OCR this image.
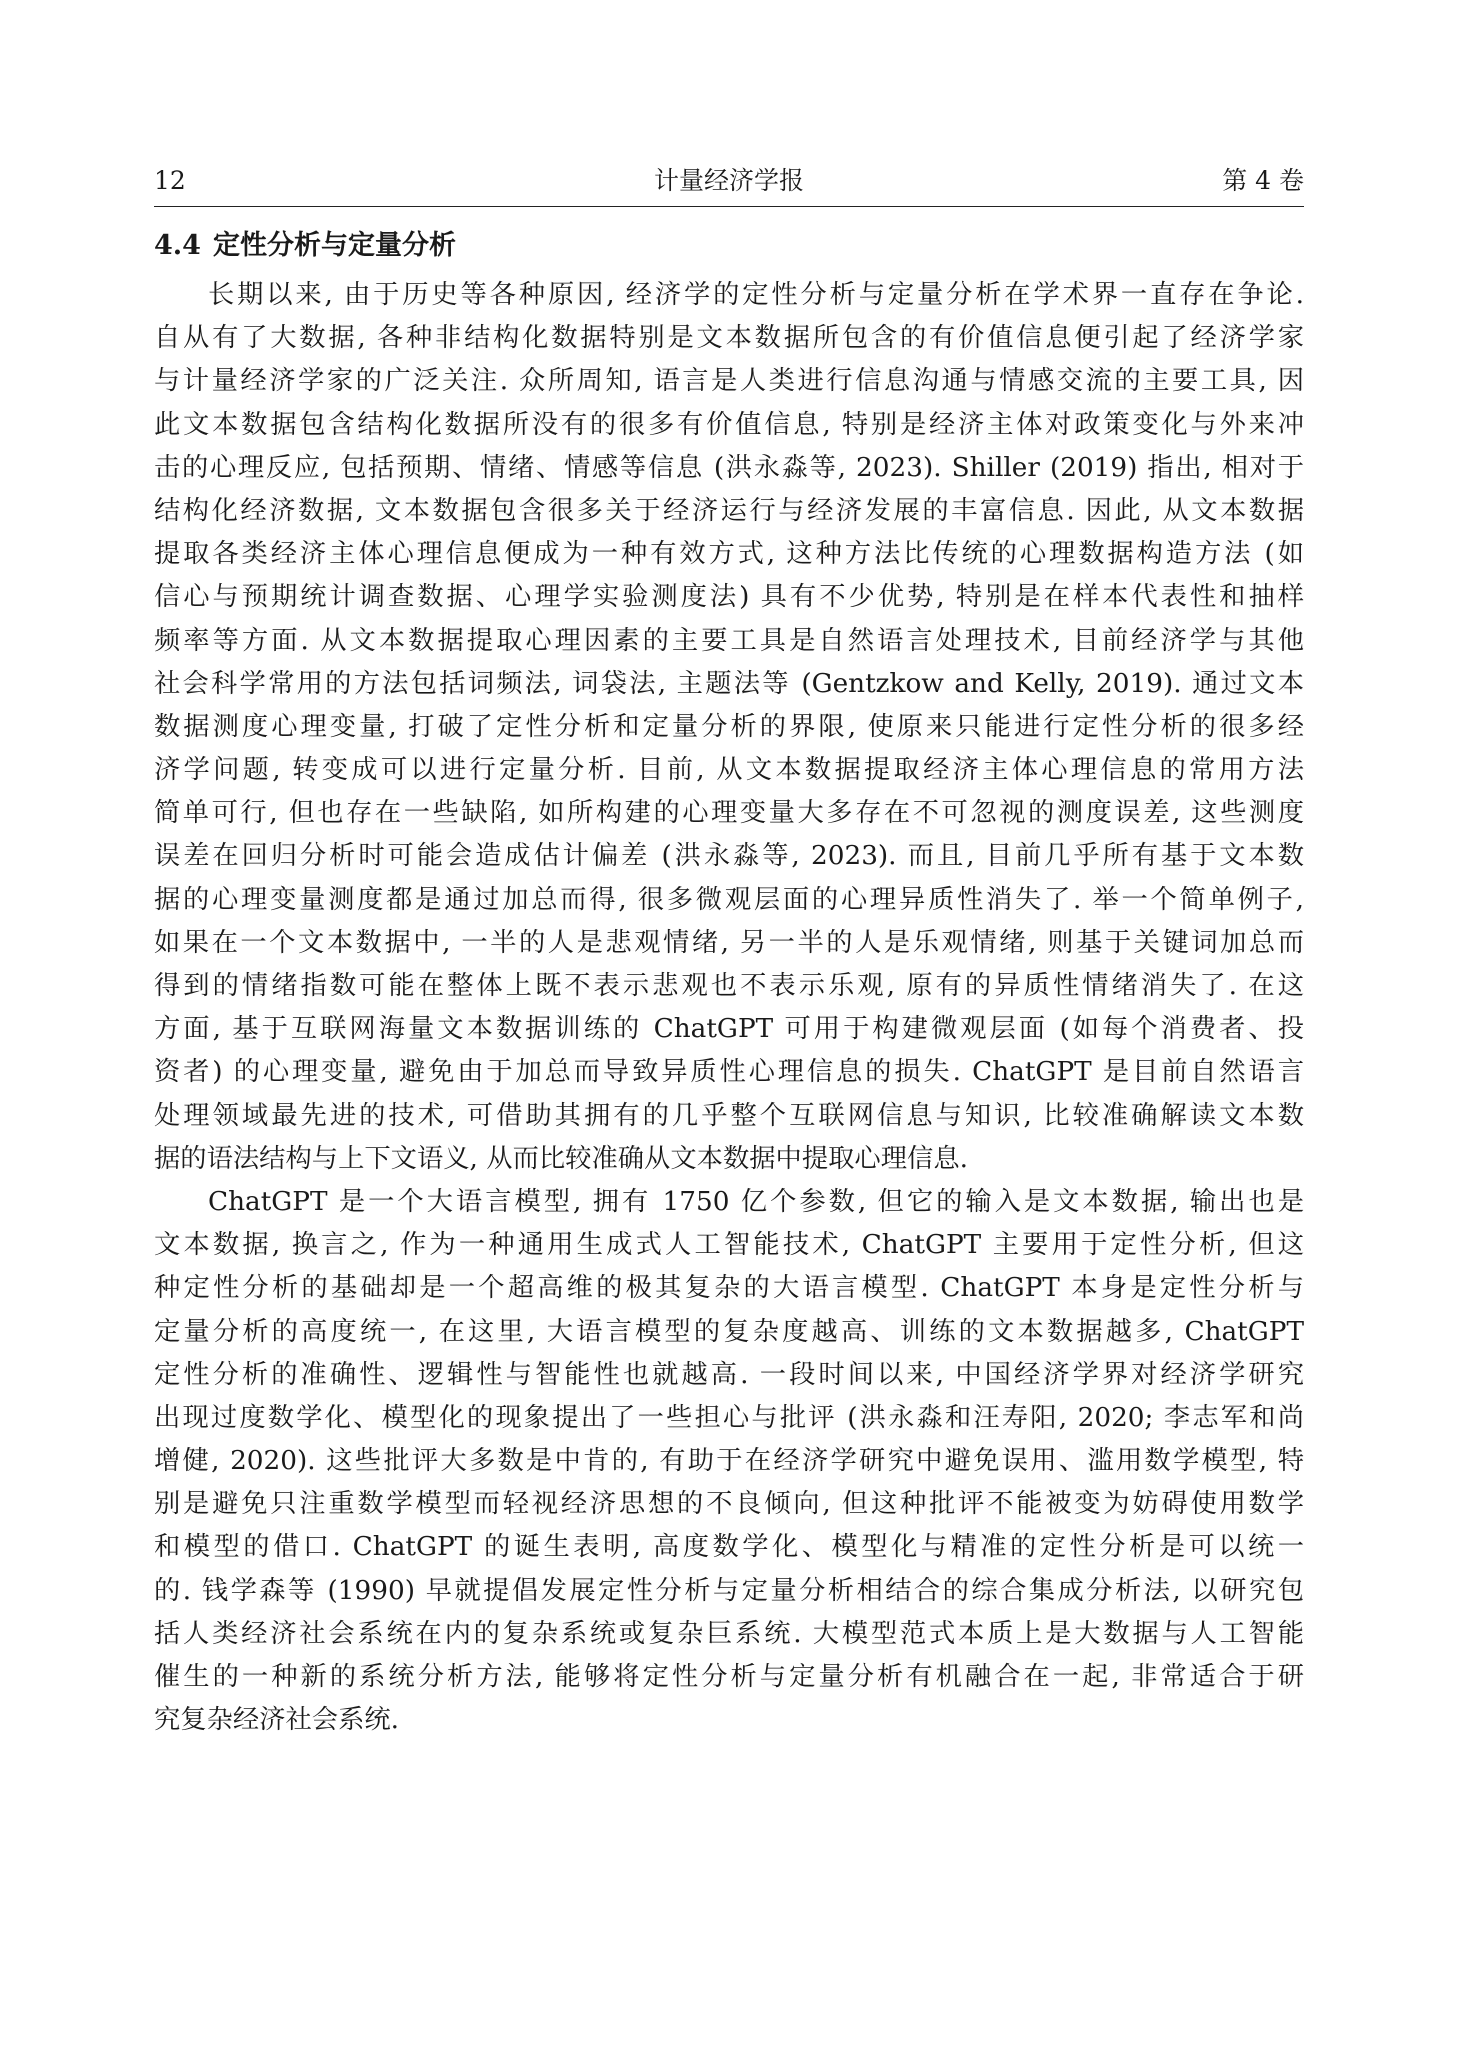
12	计量经济学报	第 4 卷
4.4 定性分析与定量分析
长期以来, 由于历史等各种原因, 经济学的定性分析与定量分析在学术界一直存在争论.
自从有了大数据, 各种非结构化数据特别是文本数据所包含的有价值信息便引起了经济学家
与计量经济学家的广泛关注. 众所周知, 语言是人类进行信息沟通与情感交流的主要工具, 因
此文本数据包含结构化数据所没有的很多有价值信息, 特别是经济主体对政策变化与外来冲
击的心理反应, 包括预期、情绪、情感等信息 (洪永淼等, 2023). Shiller (2019) 指出, 相对于
结构化经济数据, 文本数据包含很多关于经济运行与经济发展的丰富信息. 因此, 从文本数据
提取各类经济主体心理信息便成为一种有效方式, 这种方法比传统的心理数据构造方法 (如
信心与预期统计调查数据、心理学实验测度法) 具有不少优势, 特别是在样本代表性和抽样
频率等方面. 从文本数据提取心理因素的主要工具是自然语言处理技术, 目前经济学与其他
社会科学常用的方法包括词频法, 词袋法, 主题法等 (Gentzkow and Kelly, 2019). 通过文本
数据测度心理变量, 打破了定性分析和定量分析的界限, 使原来只能进行定性分析的很多经
济学问题, 转变成可以进行定量分析. 目前, 从文本数据提取经济主体心理信息的常用方法
简单可行, 但也存在一些缺陷, 如所构建的心理变量大多存在不可忽视的测度误差, 这些测度
误差在回归分析时可能会造成估计偏差 (洪永淼等, 2023). 而且, 目前几乎所有基于文本数
据的心理变量测度都是通过加总而得, 很多微观层面的心理异质性消失了. 举一个简单例子,
如果在一个文本数据中, 一半的人是悲观情绪, 另一半的人是乐观情绪, 则基于关键词加总而
得到的情绪指数可能在整体上既不表示悲观也不表示乐观, 原有的异质性情绪消失了. 在这
方面, 基于互联网海量文本数据训练的 ChatGPT 可用于构建微观层面 (如每个消费者、投
资者) 的心理变量, 避免由于加总而导致异质性心理信息的损失. ChatGPT 是目前自然语言
处理领域最先进的技术, 可借助其拥有的几乎整个互联网信息与知识, 比较准确解读文本数
据的语法结构与上下文语义, 从而比较准确从文本数据中提取心理信息.
ChatGPT 是一个大语言模型, 拥有 1750 亿个参数, 但它的输入是文本数据, 输出也是
文本数据, 换言之, 作为一种通用生成式人工智能技术, ChatGPT 主要用于定性分析, 但这
种定性分析的基础却是一个超高维的极其复杂的大语言模型. ChatGPT 本身是定性分析与
定量分析的高度统一, 在这里, 大语言模型的复杂度越高、训练的文本数据越多, ChatGPT
定性分析的准确性、逻辑性与智能性也就越高. 一段时间以来, 中国经济学界对经济学研究
出现过度数学化、模型化的现象提出了一些担心与批评 (洪永淼和汪寿阳, 2020; 李志军和尚
增健, 2020). 这些批评大多数是中肯的, 有助于在经济学研究中避免误用、滥用数学模型, 特
别是避免只注重数学模型而轻视经济思想的不良倾向, 但这种批评不能被变为妨碍使用数学
和模型的借口. ChatGPT 的诞生表明, 高度数学化、模型化与精准的定性分析是可以统一
的. 钱学森等 (1990) 早就提倡发展定性分析与定量分析相结合的综合集成分析法, 以研究包
括人类经济社会系统在内的复杂系统或复杂巨系统. 大模型范式本质上是大数据与人工智能
催生的一种新的系统分析方法, 能够将定性分析与定量分析有机融合在一起, 非常适合于研
究复杂经济社会系统.
